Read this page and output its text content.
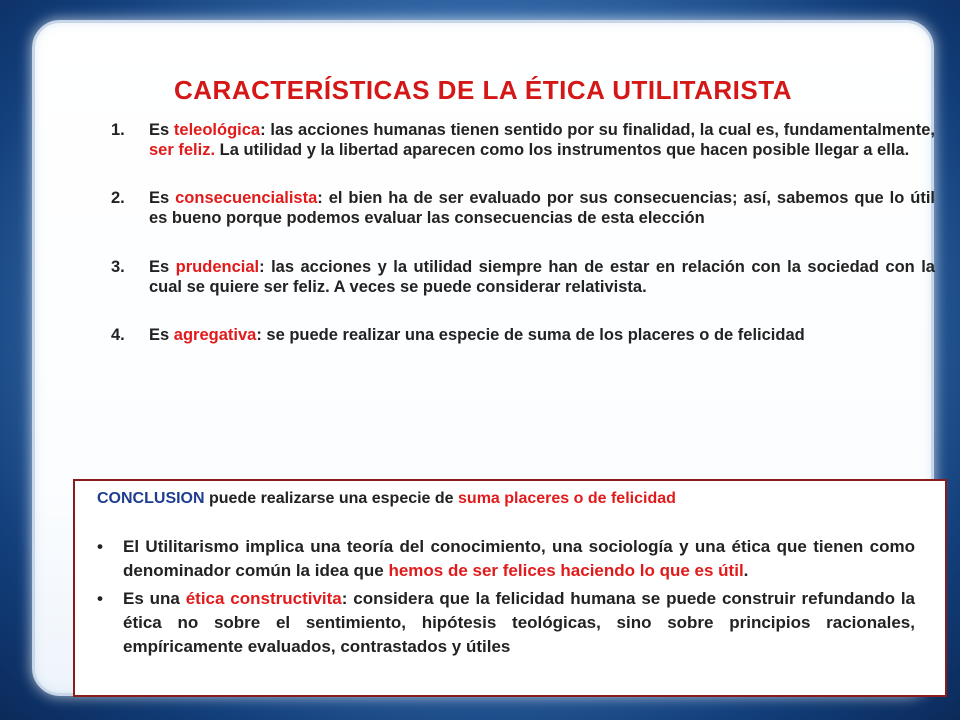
CARACTERÍSTICAS DE LA ÉTICA UTILITARISTA
1.	Es teleológica: las acciones humanas tienen sentido por su finalidad, la cual es, fundamentalmente, ser feliz. La utilidad y la libertad aparecen como los instrumentos que hacen posible llegar a ella.
2.	Es consecuencialista: el bien ha de ser evaluado por sus consecuencias; así, sabemos que lo útil es bueno porque podemos evaluar las consecuencias de esta elección
3.	Es prudencial: las acciones y la utilidad siempre han de estar en relación con la sociedad con la cual se quiere ser feliz. A veces se puede considerar relativista.
4.	Es agregativa: se puede realizar una especie de suma de los placeres o de felicidad
CONCLUSION puede realizarse una especie de suma placeres o de felicidad
• El Utilitarismo implica una teoría del conocimiento, una sociología y una ética que tienen como denominador común la idea que hemos de ser felices haciendo lo que es útil.
• Es una ética constructivita: considera que la felicidad humana se puede construir refundando la ética no sobre el sentimiento, hipótesis teológicas, sino sobre principios racionales, empíricamente evaluados, contrastados y útiles
